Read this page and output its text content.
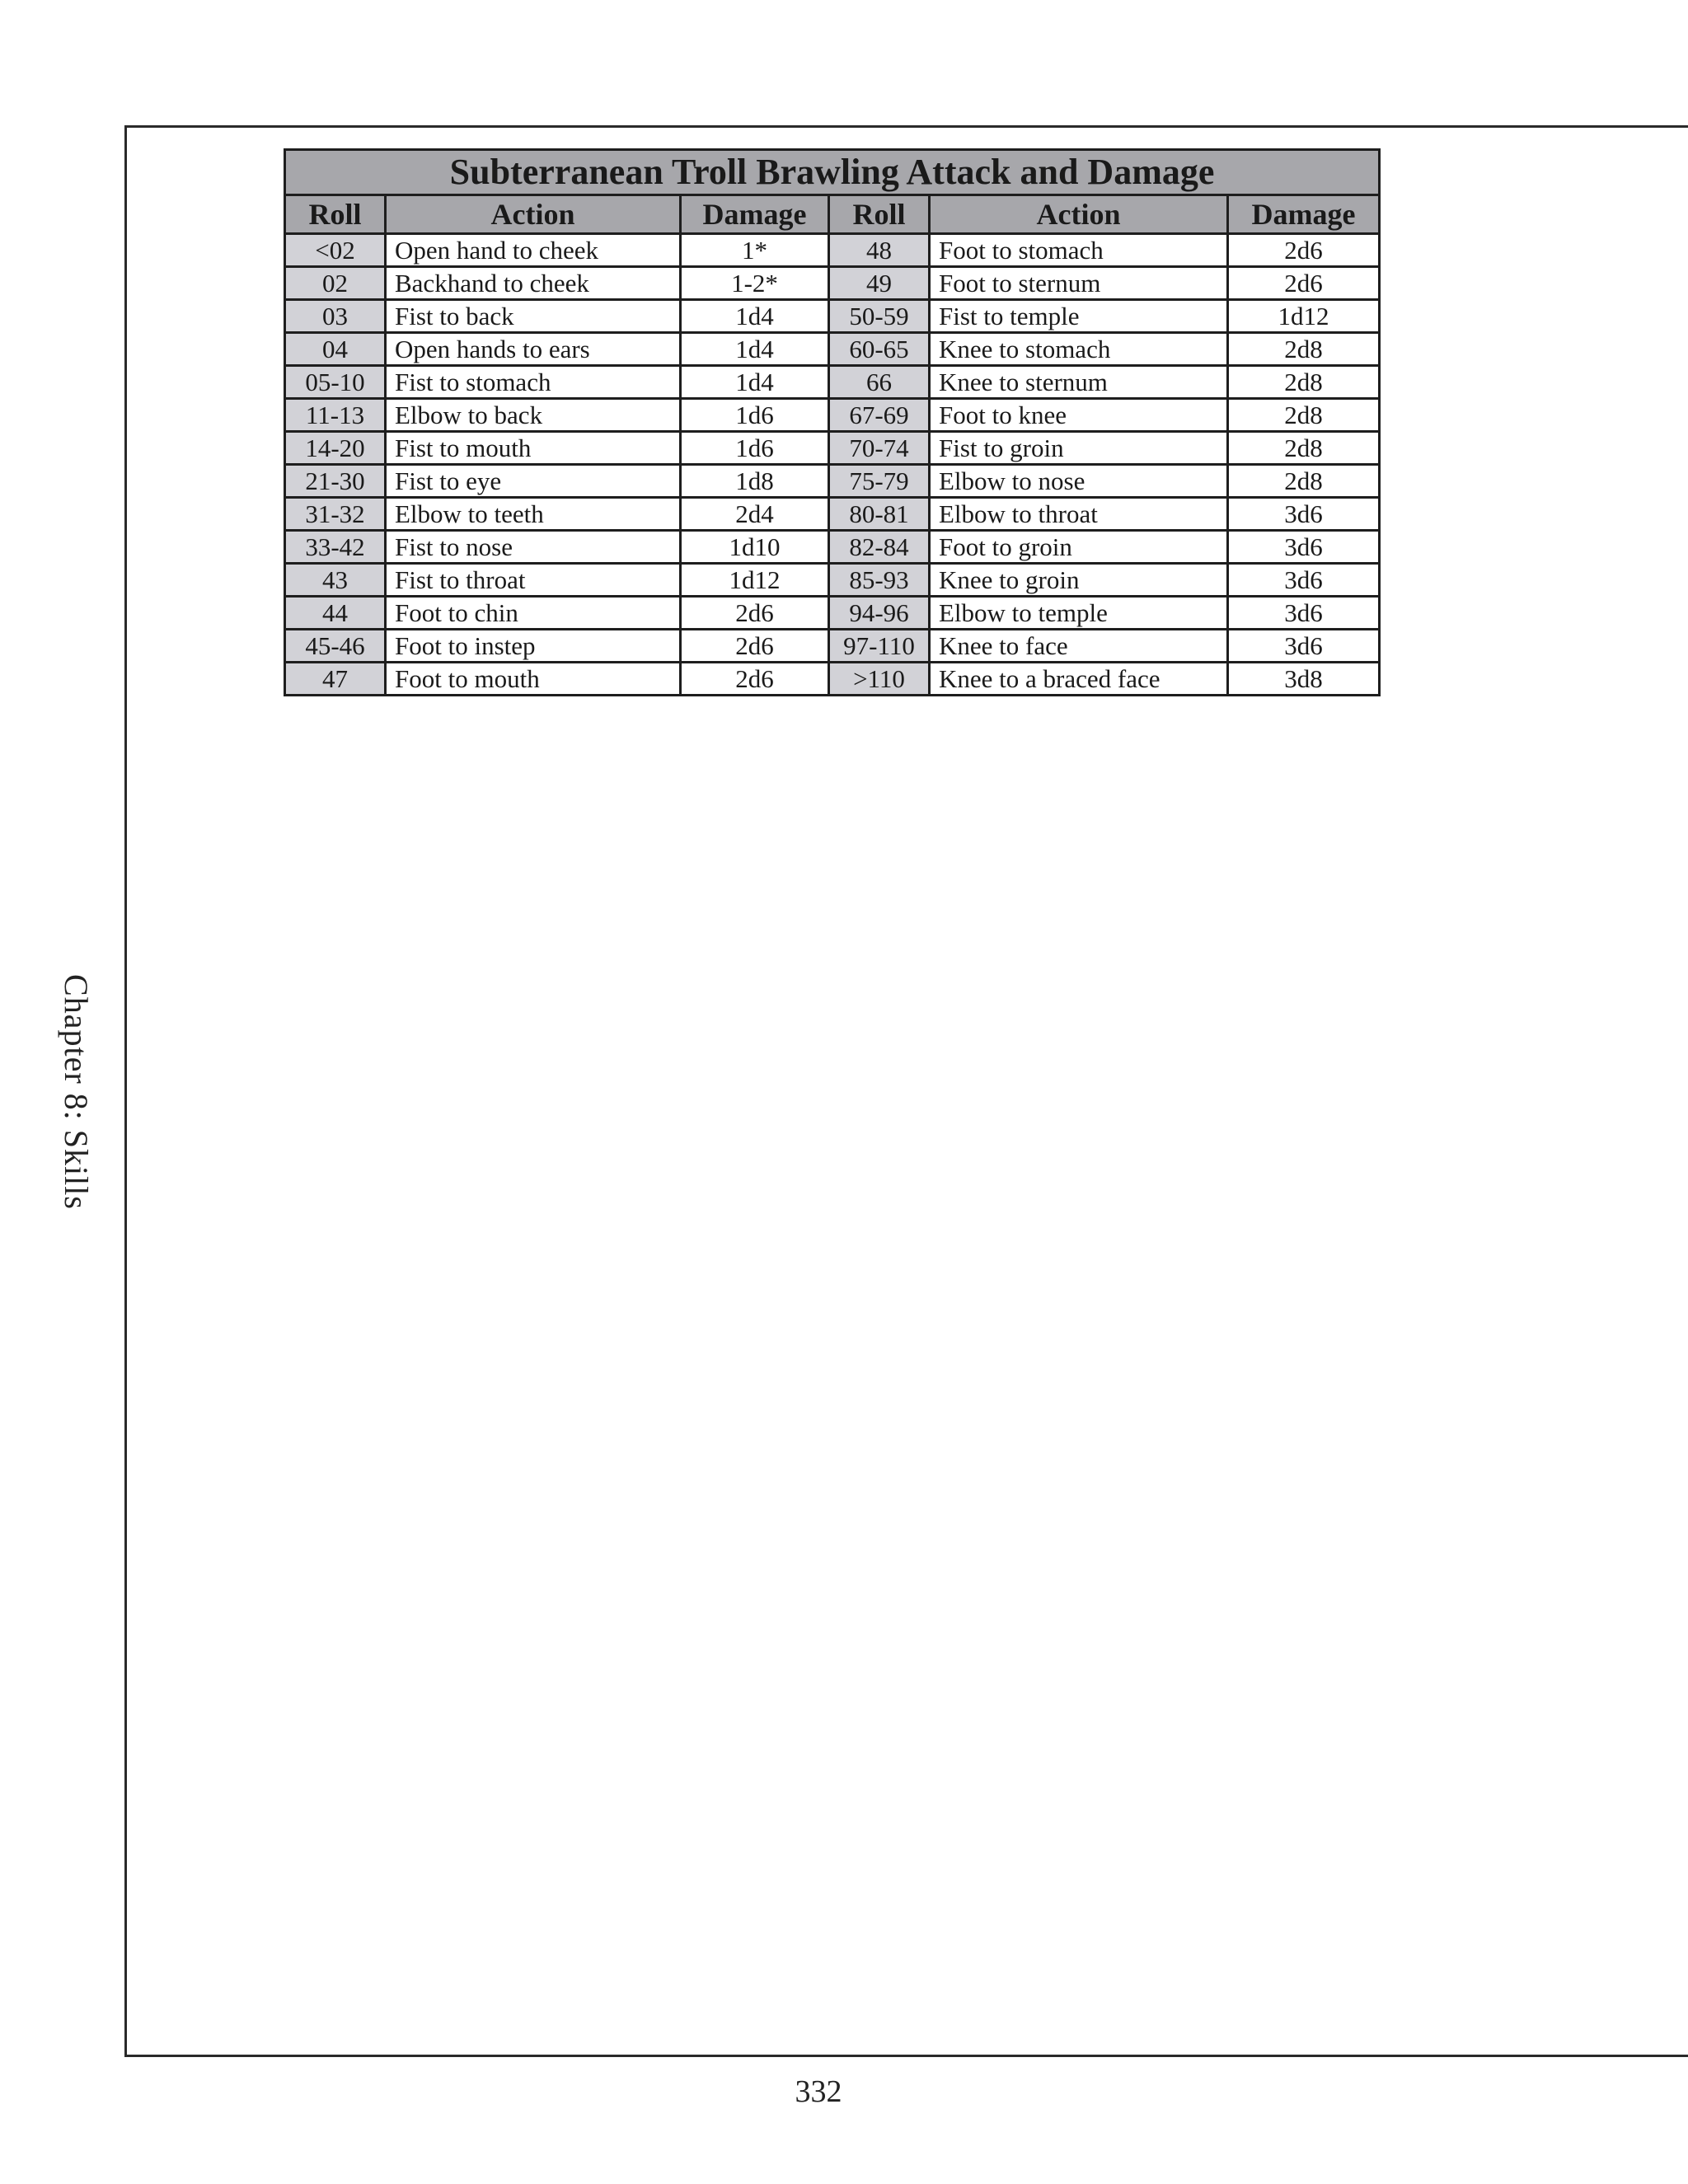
Chapter 8: Skills
Subterranean Troll Brawling Attack and Damage					
Roll	Action	Damage	Roll	Action	Damage
<02	Open hand to cheek	1*	48	Foot to stomach	2d6
02	Backhand to cheek	1-2*	49	Foot to sternum	2d6
03	Fist to back	1d4	50-59	Fist to temple	1d12
04	Open hands to ears	1d4	60-65	Knee to stomach	2d8
05-10	Fist to stomach	1d4	66	Knee to sternum	2d8
11-13	Elbow to back	1d6	67-69	Foot to knee	2d8
14-20	Fist to mouth	1d6	70-74	Fist to groin	2d8
21-30	Fist to eye	1d8	75-79	Elbow to nose	2d8
31-32	Elbow to teeth	2d4	80-81	Elbow to throat	3d6
33-42	Fist to nose	1d10	82-84	Foot to groin	3d6
43	Fist to throat	1d12	85-93	Knee to groin	3d6
44	Foot to chin	2d6	94-96	Elbow to temple	3d6
45-46	Foot to instep	2d6	97-110	Knee to face	3d6
47	Foot to mouth	2d6	>110	Knee to a braced face	3d8
332
